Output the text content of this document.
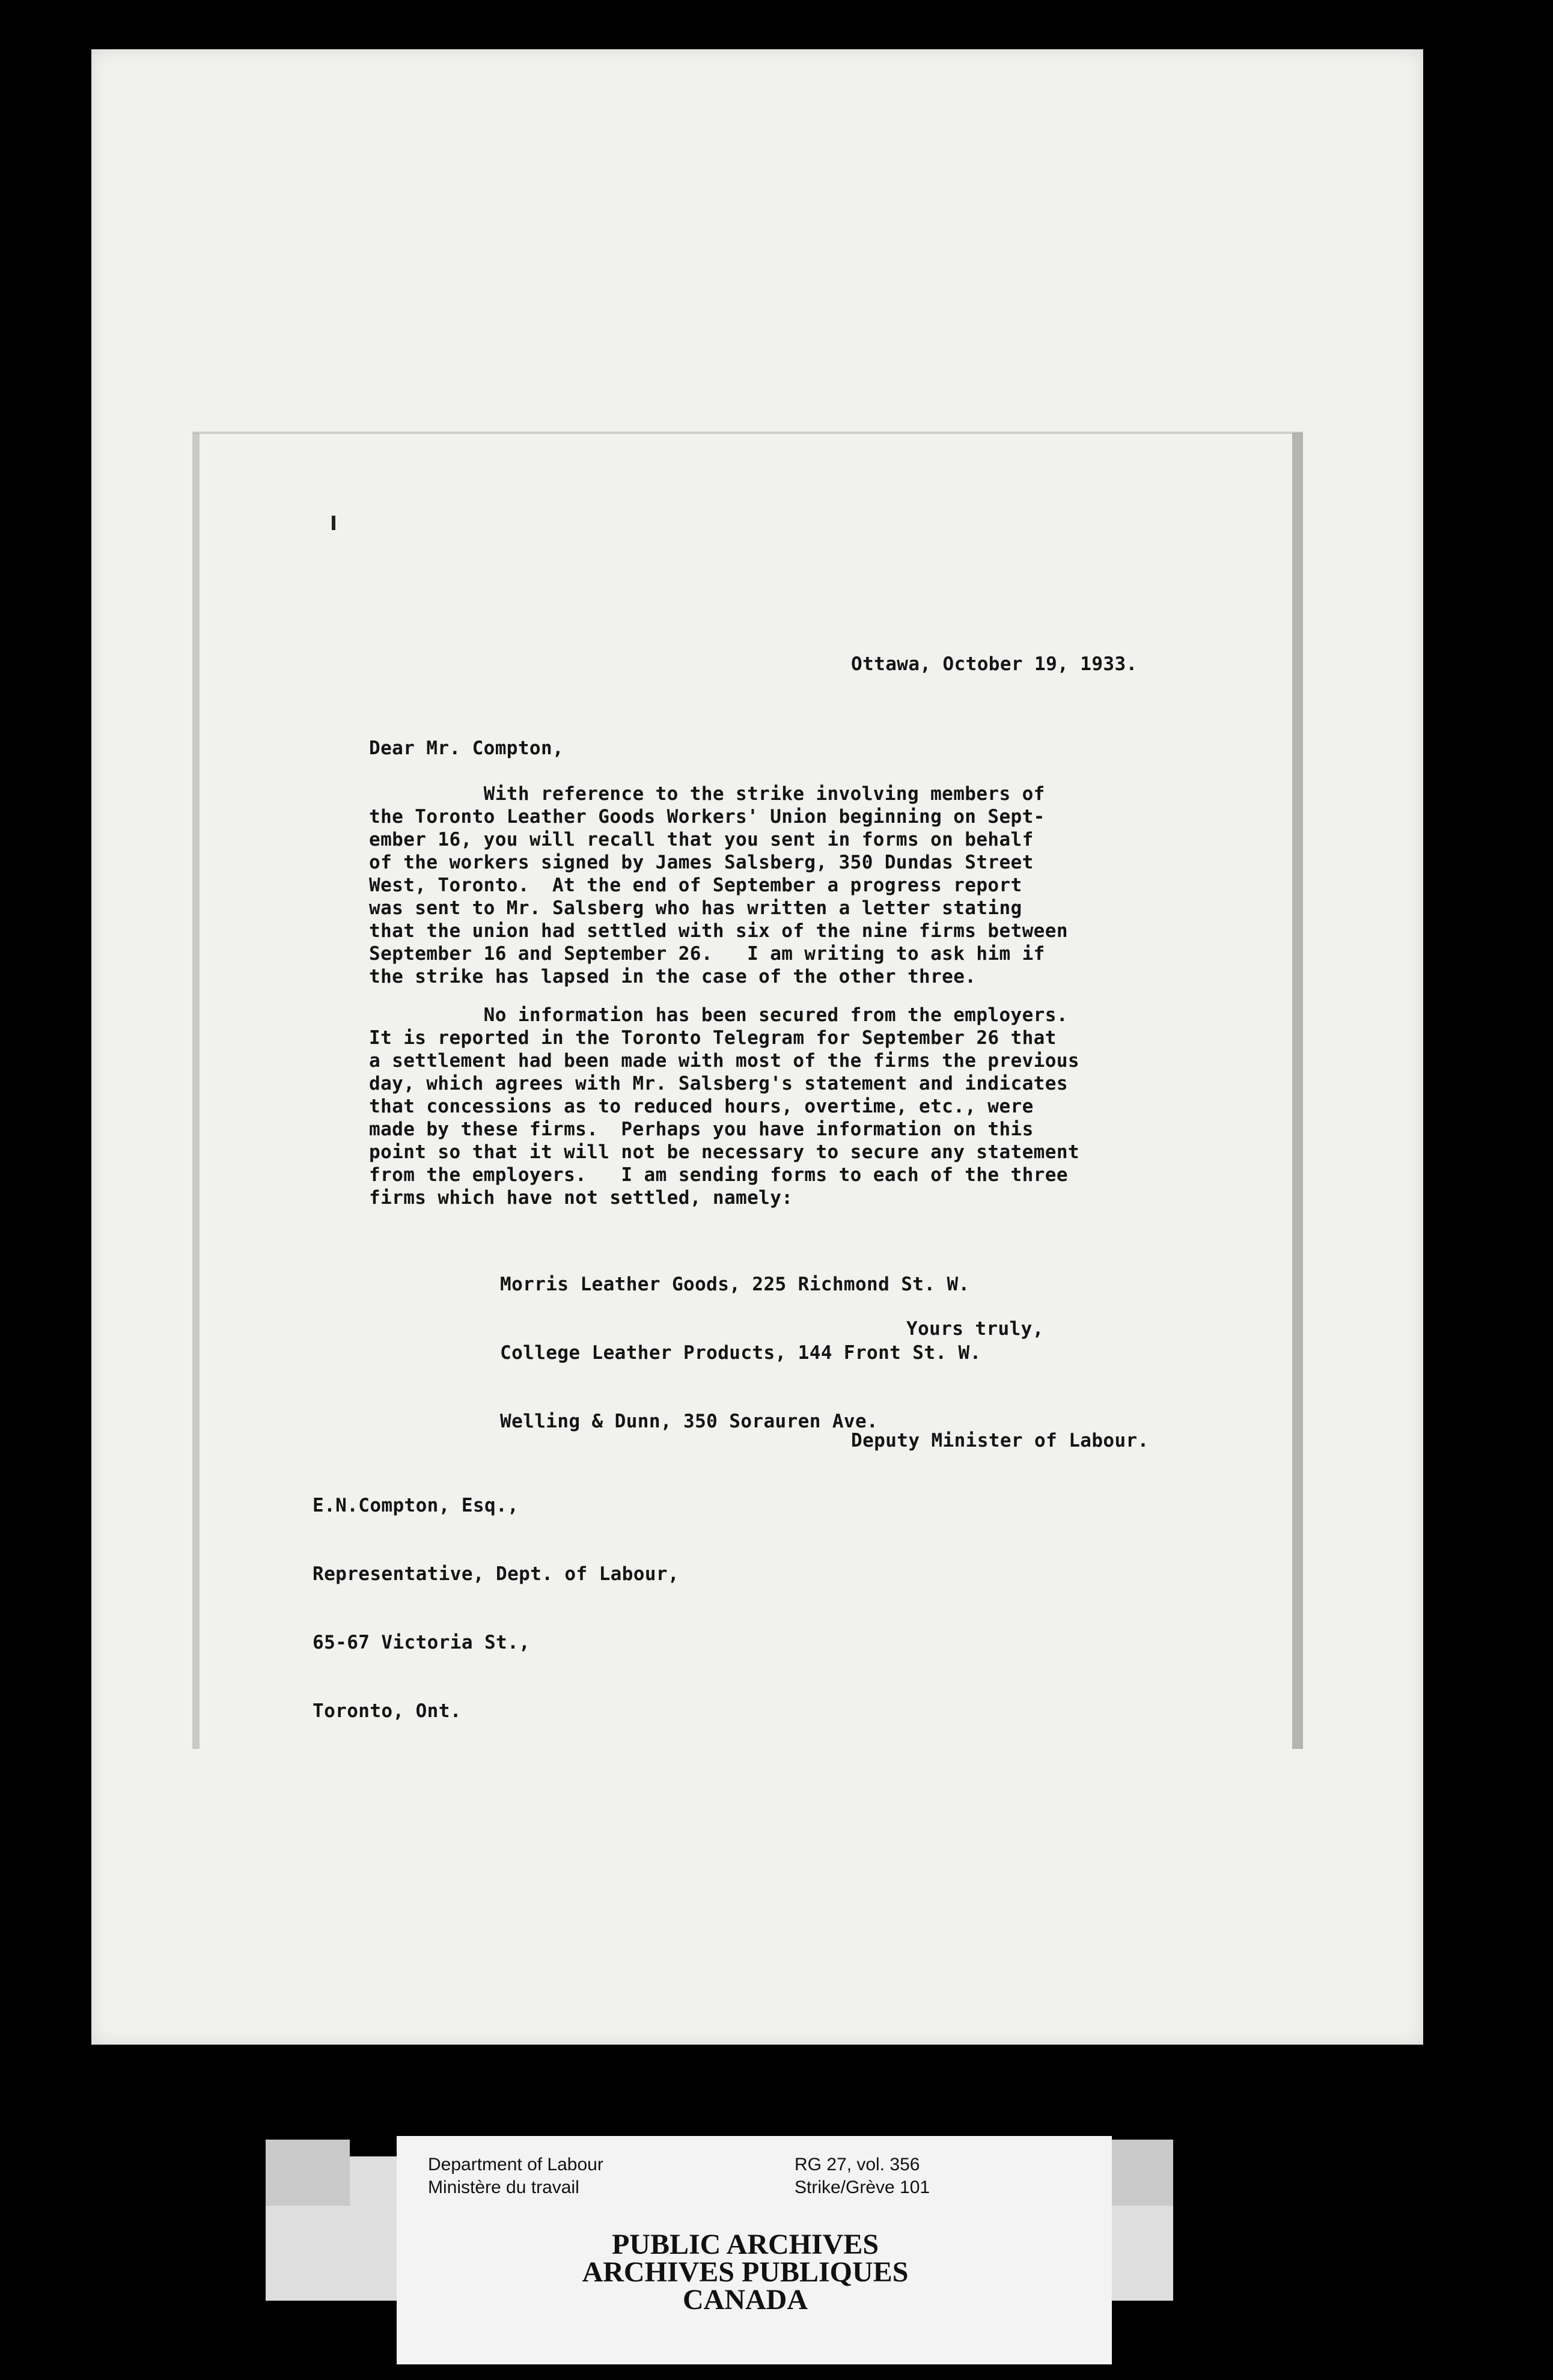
Ottawa, October 19, 1933.
Dear Mr. Compton,
With reference to the strike involving members of
the Toronto Leather Goods Workers' Union beginning on Sept-
ember 16, you will recall that you sent in forms on behalf
of the workers signed by James Salsberg, 350 Dundas Street
West, Toronto.  At the end of September a progress report
was sent to Mr. Salsberg who has written a letter stating
that the union had settled with six of the nine firms between
September 16 and September 26.   I am writing to ask him if
the strike has lapsed in the case of the other three.
No information has been secured from the employers.
It is reported in the Toronto Telegram for September 26 that
a settlement had been made with most of the firms the previous
day, which agrees with Mr. Salsberg's statement and indicates
that concessions as to reduced hours, overtime, etc., were
made by these firms.  Perhaps you have information on this
point so that it will not be necessary to secure any statement
from the employers.   I am sending forms to each of the three
firms which have not settled, namely:

Morris Leather Goods, 225 Richmond St. W.

College Leather Products, 144 Front St. W.

Welling & Dunn, 350 Sorauren Ave.

Yours truly,
Deputy Minister of Labour.

E.N.Compton, Esq.,

Representative, Dept. of Labour,

65-67 Victoria St.,

Toronto, Ont.

Department of Labour
Ministère du travail
RG 27, vol. 356
Strike/Grève 101
PUBLIC ARCHIVES
ARCHIVES PUBLIQUES
CANADA
